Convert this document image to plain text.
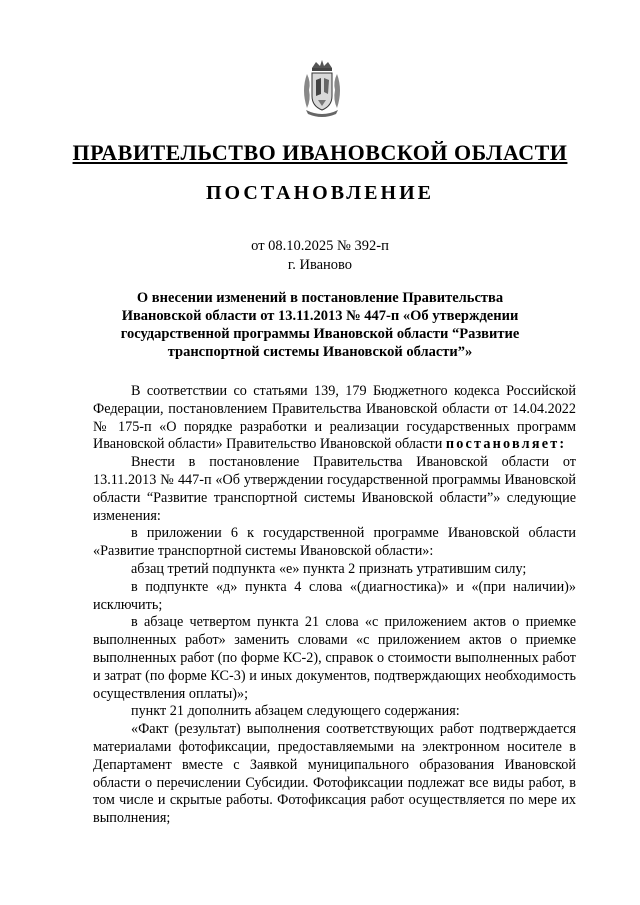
ПРАВИТЕЛЬСТВО ИВАНОВСКОЙ ОБЛАСТИ
ПОСТАНОВЛЕНИЕ
от 08.10.2025 № 392-п
г. Иваново
О внесении изменений в постановление Правительства
Ивановской области от 13.11.2013 № 447-п «Об утверждении
государственной программы Ивановской области “Развитие
транспортной системы Ивановской области”»

В соответствии со статьями 139, 179 Бюджетного кодекса Российской Федерации, постановлением Правительства Ивановской области от 14.04.2022 № 175-п «О порядке разработки и реализации государственных программ Ивановской области» Правительство Ивановской области постановляет:

Внести в постановление Правительства Ивановской области от 13.11.2013 № 447-п «Об утверждении государственной программы Ивановской области “Развитие транспортной системы Ивановской области”» следующие изменения:

в приложении 6 к государственной программе Ивановской области «Развитие транспортной системы Ивановской области»:

абзац третий подпункта «е» пункта 2 признать утратившим силу;

в подпункте «д» пункта 4 слова «(диагностика)» и «(при наличии)» исключить;

в абзаце четвертом пункта 21 слова «с приложением актов о приемке выполненных работ» заменить словами «с приложением актов о приемке выполненных работ (по форме КС-2), справок о стоимости выполненных работ и затрат (по форме КС-3) и иных документов, подтверждающих необходимость осуществления оплаты)»;

пункт 21 дополнить абзацем следующего содержания:

«Факт (результат) выполнения соответствующих работ подтверждается материалами фотофиксации, предоставляемыми на электронном носителе в Департамент вместе с Заявкой муниципального образования Ивановской области о перечислении Субсидии. Фотофиксации подлежат все виды работ, в том числе и скрытые работы. Фотофиксация работ осуществляется по мере их выполнения;
